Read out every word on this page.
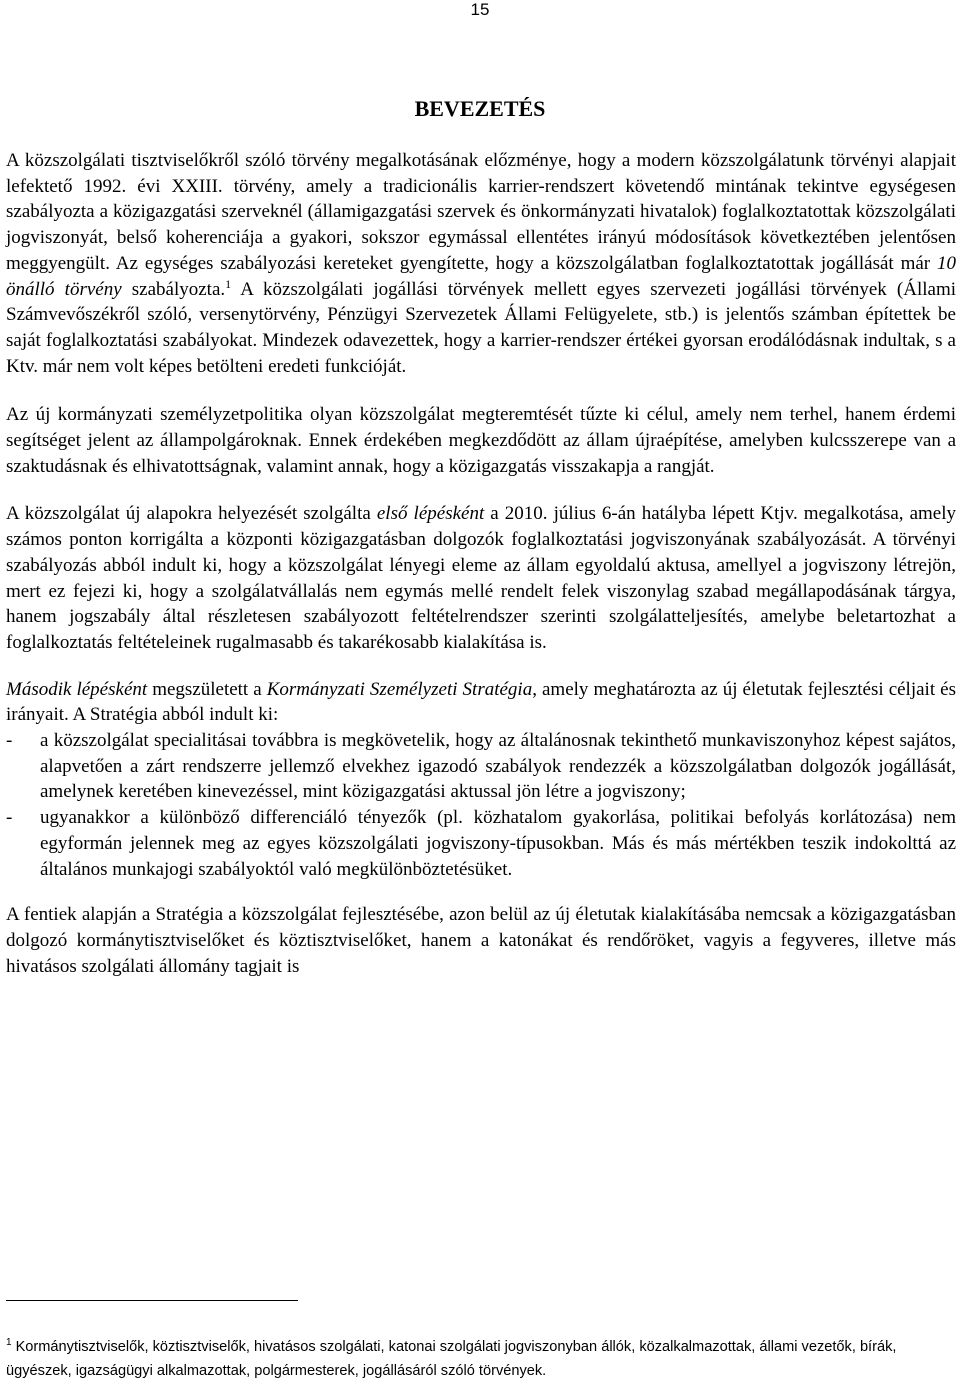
15
BEVEZETÉS

A közszolgálati tisztviselőkről szóló törvény megalkotásának előzménye, hogy a modern közszolgálatunk törvényi alapjait lefektető 1992. évi XXIII. törvény, amely a tradicionális karrier-rendszert követendő mintának tekintve egységesen szabályozta a közigazgatási szerveknél (államigazgatási szervek és önkormányzati hivatalok) foglalkoztatottak közszolgálati jogviszonyát, belső koherenciája a gyakori, sokszor egymással ellentétes irányú módosítások következtében jelentősen meggyengült. Az egységes szabályozási kereteket gyengítette, hogy a közszolgálatban foglalkoztatottak jogállását már 10 önálló törvény szabályozta.$^1$ A közszolgálati jogállási törvények mellett egyes szervezeti jogállási törvények (Állami Számvevőszékről szóló, versenytörvény, Pénzügyi Szervezetek Állami Felügyelete, stb.) is jelentős számban építettek be saját foglalkoztatási szabályokat. Mindezek odavezettek, hogy a karrier-rendszer értékei gyorsan erodálódásnak indultak, s a Ktv. már nem volt képes betölteni eredeti funkcióját.

Az új kormányzati személyzetpolitika olyan közszolgálat megteremtését tűzte ki célul, amely nem terhel, hanem érdemi segítséget jelent az állampolgároknak. Ennek érdekében megkezdődött az állam újraépítése, amelyben kulcsszerepe van a szaktudásnak és elhivatottságnak, valamint annak, hogy a közigazgatás visszakapja a rangját.

A közszolgálat új alapokra helyezését szolgálta első lépésként a 2010. július 6-án hatályba lépett Ktjv. megalkotása, amely számos ponton korrigálta a központi közigazgatásban dolgozók foglalkoztatási jogviszonyának szabályozását. A törvényi szabályozás abból indult ki, hogy a közszolgálat lényegi eleme az állam egyoldalú aktusa, amellyel a jogviszony létrejön, mert ez fejezi ki, hogy a szolgálatvállalás nem egymás mellé rendelt felek viszonylag szabad megállapodásának tárgya, hanem jogszabály által részletesen szabályozott feltételrendszer szerinti szolgálatteljesítés, amelybe beletartozhat a foglalkoztatás feltételeinek rugalmasabb és takarékosabb kialakítása is.

Második lépésként megszületett a Kormányzati Személyzeti Stratégia, amely meghatározta az új életutak fejlesztési céljait és irányait. A Stratégia abból indult ki:

- a közszolgálat specialitásai továbbra is megkövetelik, hogy az általánosnak tekinthető munkaviszonyhoz képest sajátos, alapvetően a zárt rendszerre jellemző elvekhez igazodó szabályok rendezzék a közszolgálatban dolgozók jogállását, amelynek keretében kinevezéssel, mint közigazgatási aktussal jön létre a jogviszony;
- ugyanakkor a különböző differenciáló tényezők (pl. közhatalom gyakorlása, politikai befolyás korlátozása) nem egyformán jelennek meg az egyes közszolgálati jogviszony-típusokban. Más és más mértékben teszik indokolttá az általános munkajogi szabályoktól való megkülönböztetésüket.

A fentiek alapján a Stratégia a közszolgálat fejlesztésébe, azon belül az új életutak kialakításába nemcsak a közigazgatásban dolgozó kormánytisztviselőket és köztisztviselőket, hanem a katonákat és rendőröket, vagyis a fegyveres, illetve más hivatásos szolgálati állomány tagjait is

$^1$ Kormánytisztviselők, köztisztviselők, hivatásos szolgálati, katonai szolgálati jogviszonyban állók, közalkalmazottak, állami vezetők, bírák, ügyészek, igazságügyi alkalmazottak, polgármesterek, jogállásáról szóló törvények.
